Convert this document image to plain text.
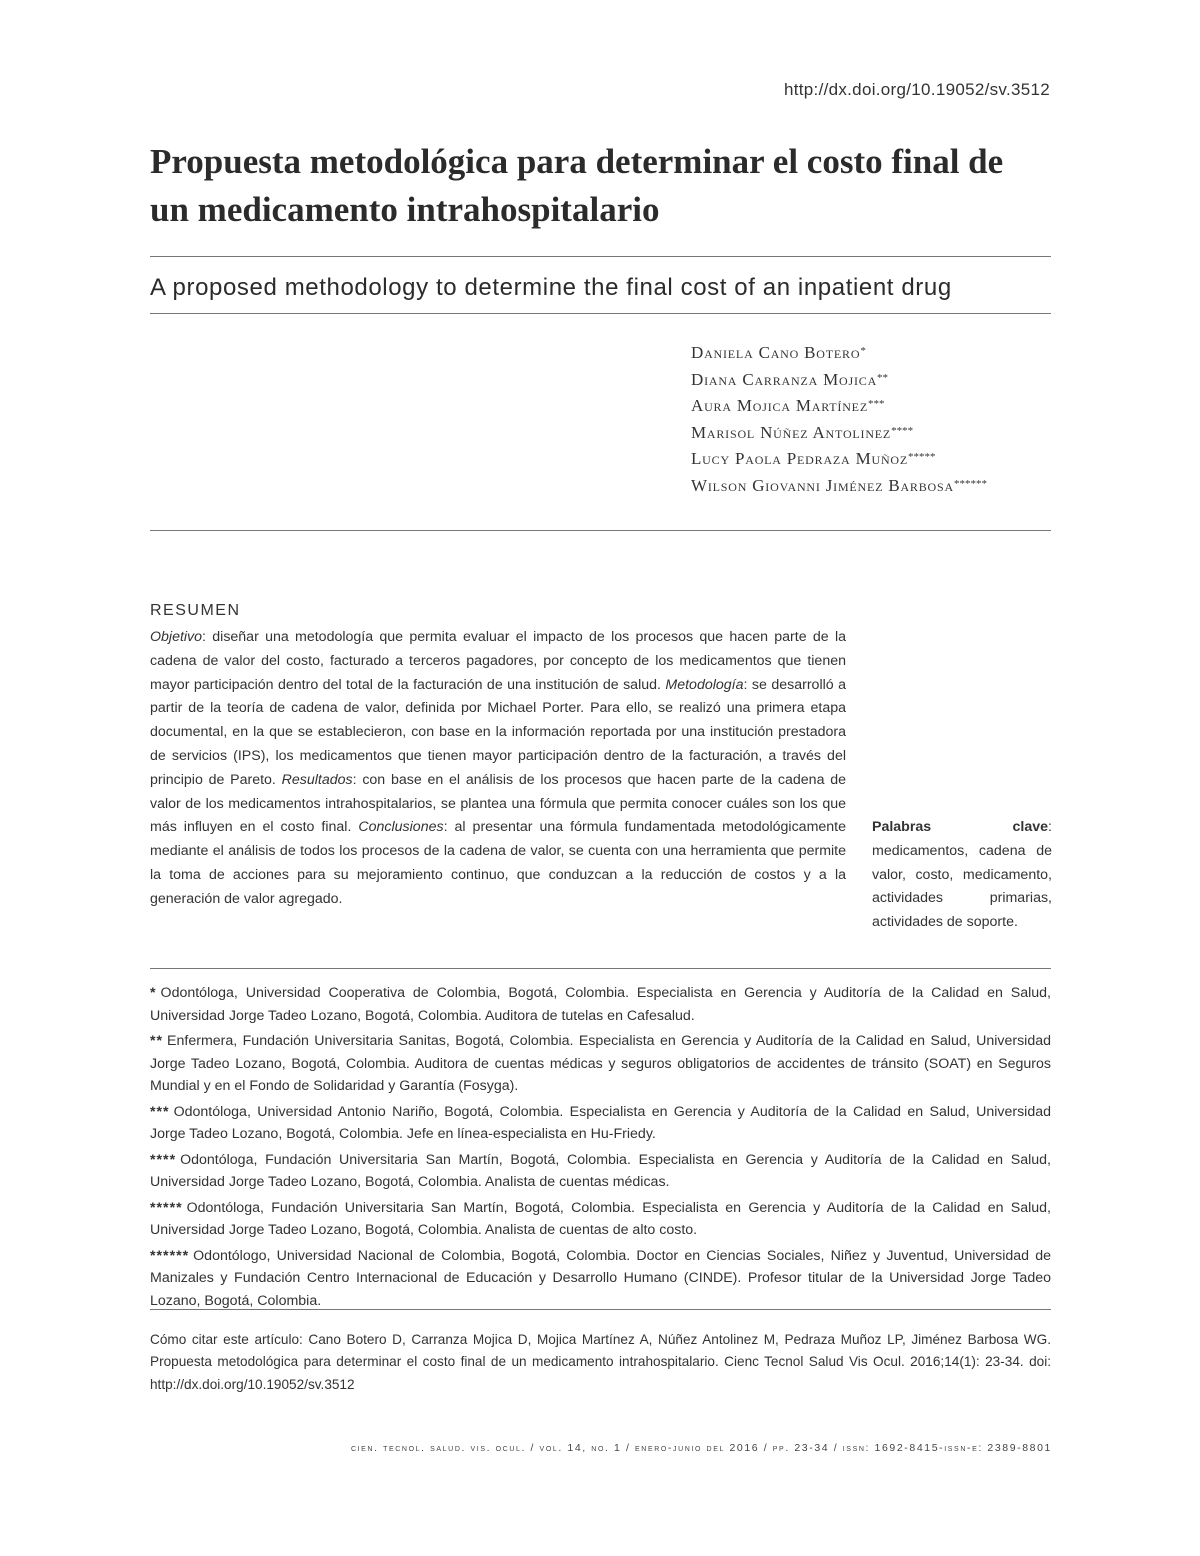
http://dx.doi.org/10.19052/sv.3512
Propuesta metodológica para determinar el costo final de un medicamento intrahospitalario
A proposed methodology to determine the final cost of an inpatient drug
Daniela Cano Botero*
Diana Carranza Mojica**
Aura Mojica Martínez***
Marisol Núñez Antolinez****
Lucy Paola Pedraza Muñoz*****
Wilson Giovanni Jiménez Barbosa******
RESUMEN

Objetivo: diseñar una metodología que permita evaluar el impacto de los procesos que hacen parte de la cadena de valor del costo, facturado a terceros pagadores, por concepto de los medicamentos que tienen mayor participación dentro del total de la facturación de una institución de salud. Metodología: se desarrolló a partir de la teoría de cadena de valor, definida por Michael Porter. Para ello, se realizó una primera etapa documental, en la que se establecieron, con base en la información reportada por una institución prestadora de servicios (IPS), los medicamentos que tienen mayor participación dentro de la facturación, a través del principio de Pareto. Resultados: con base en el análisis de los procesos que hacen parte de la cadena de valor de los medicamentos intrahospitalarios, se plantea una fórmula que permita conocer cuáles son los que más influyen en el costo final. Conclusiones: al presentar una fórmula fundamentada metodológicamente mediante el análisis de todos los procesos de la cadena de valor, se cuenta con una herramienta que permite la toma de acciones para su mejoramiento continuo, que conduzcan a la reducción de costos y a la generación de valor agregado.

Palabras clave: medicamentos, cadena de valor, costo, medicamento, actividades primarias, actividades de soporte.

* Odontóloga, Universidad Cooperativa de Colombia, Bogotá, Colombia. Especialista en Gerencia y Auditoría de la Calidad en Salud, Universidad Jorge Tadeo Lozano, Bogotá, Colombia. Auditora de tutelas en Cafesalud.

** Enfermera, Fundación Universitaria Sanitas, Bogotá, Colombia. Especialista en Gerencia y Auditoría de la Calidad en Salud, Universidad Jorge Tadeo Lozano, Bogotá, Colombia. Auditora de cuentas médicas y seguros obligatorios de accidentes de tránsito (SOAT) en Seguros Mundial y en el Fondo de Solidaridad y Garantía (Fosyga).

*** Odontóloga, Universidad Antonio Nariño, Bogotá, Colombia. Especialista en Gerencia y Auditoría de la Calidad en Salud, Universidad Jorge Tadeo Lozano, Bogotá, Colombia. Jefe en línea-especialista en Hu-Friedy.

**** Odontóloga, Fundación Universitaria San Martín, Bogotá, Colombia. Especialista en Gerencia y Auditoría de la Calidad en Salud, Universidad Jorge Tadeo Lozano, Bogotá, Colombia. Analista de cuentas médicas.

***** Odontóloga, Fundación Universitaria San Martín, Bogotá, Colombia. Especialista en Gerencia y Auditoría de la Calidad en Salud, Universidad Jorge Tadeo Lozano, Bogotá, Colombia. Analista de cuentas de alto costo.

****** Odontólogo, Universidad Nacional de Colombia, Bogotá, Colombia. Doctor en Ciencias Sociales, Niñez y Juventud, Universidad de Manizales y Fundación Centro Internacional de Educación y Desarrollo Humano (CINDE). Profesor titular de la Universidad Jorge Tadeo Lozano, Bogotá, Colombia.

Cómo citar este artículo: Cano Botero D, Carranza Mojica D, Mojica Martínez A, Núñez Antolinez M, Pedraza Muñoz LP, Jiménez Barbosa WG. Propuesta metodológica para determinar el costo final de un medicamento intrahospitalario. Cienc Tecnol Salud Vis Ocul. 2016;14(1): 23-34. doi: http://dx.doi.org/10.19052/sv.3512

cien. tecnol. salud. vis. ocul. / vol. 14, no. 1 / enero-junio del 2016 / pp. 23-34 / issn: 1692-8415-issn-e: 2389-8801
